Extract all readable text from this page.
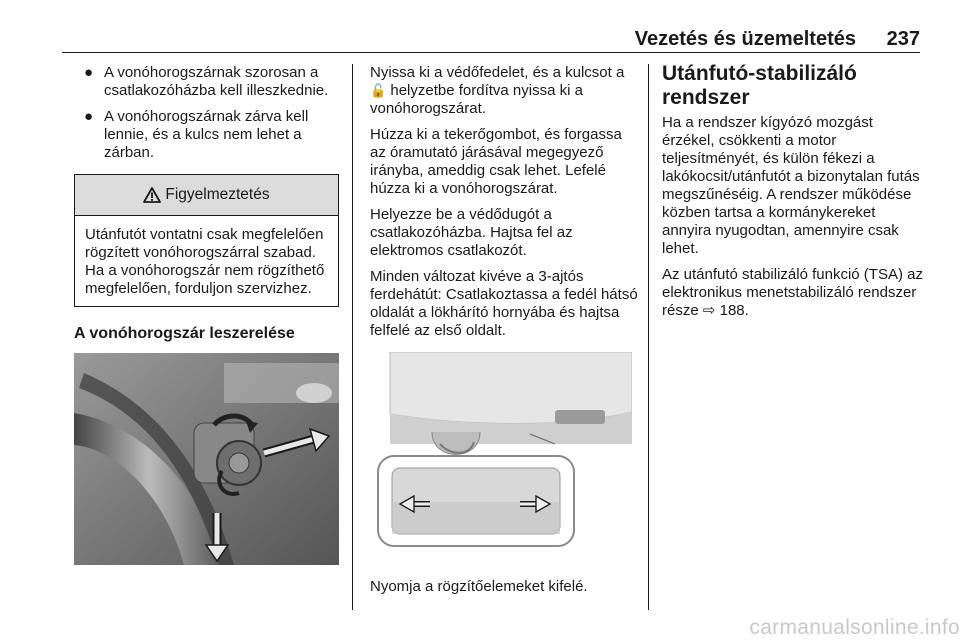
Vezetés és üzemeltetés 237
● A vonóhorogszárnak szorosan a csatlakozóházba kell illeszkednie.
● A vonóhorogszárnak zárva kell lennie, és a kulcs nem lehet a zárban.
Figyelmeztetés
Utánfutót vontatni csak megfelelően rögzített vonóhorogszárral szabad. Ha a vonóhorogszár nem rögzíthető megfelelően, forduljon szervizhez.
A vonóhorogszár leszerelése

Nyissa ki a védőfedelet, és a kulcsot a 🔓 helyzetbe fordítva nyissa ki a vonóhorogszárat.

Húzza ki a tekerőgombot, és forgassa az óramutató járásával megegyező irányba, ameddig csak lehet. Lefelé húzza ki a vonóhorogszárat.

Helyezze be a védődugót a csatlakozóházba. Hajtsa fel az elektromos csatlakozót.

Minden változat kivéve a 3-ajtós ferdehátút: Csatlakoztassa a fedél hátsó oldalát a lökhárító hornyába és hajtsa felfelé az első oldalt.

Nyomja a rögzítőelemeket kifelé.
Utánfutó-stabilizáló rendszer

Ha a rendszer kígyózó mozgást érzékel, csökkenti a motor teljesítményét, és külön fékezi a lakókocsit/utánfutót a bizonytalan futás megszűnéséig. A rendszer működése közben tartsa a kormánykereket annyira nyugodtan, amennyire csak lehet.

Az utánfutó stabilizáló funkció (TSA) az elektronikus menetstabilizáló rendszer része ⇨ 188.

carmanualsonline.info
